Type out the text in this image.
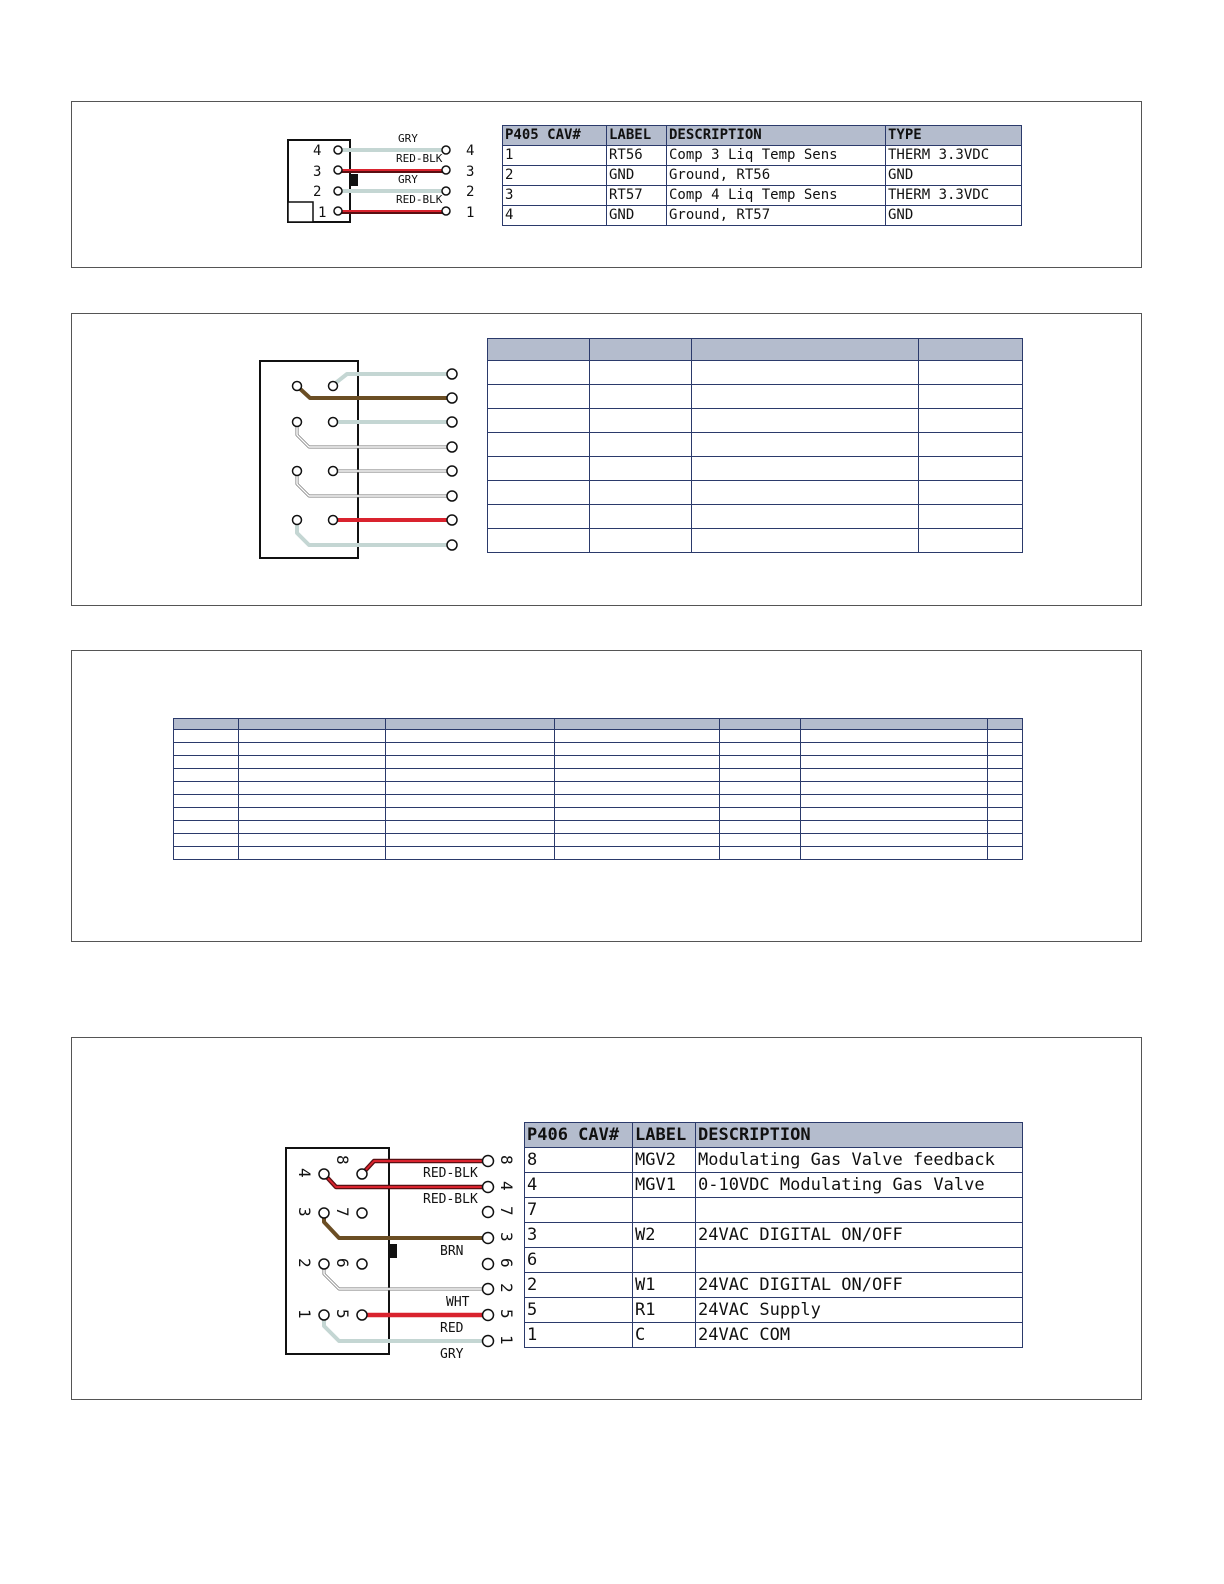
4
3
2
1
4
3
2
1
GRY
RED-BLK
GRY
RED-BLK
P405 CAV#	LABEL	DESCRIPTION	TYPE
1	RT56	Comp 3 Liq Temp Sens	THERM 3.3VDC
2	GND	Ground, RT56	GND
3	RT57	Comp 4 Liq Temp Sens	THERM 3.3VDC
4	GND	Ground, RT57	GND

4
3
2
1
8
7
6
5
8
4
7
3
6
2
5
1
RED-BLK
RED-BLK
BRN
WHT
RED
GRY
P406 CAV#	LABEL	DESCRIPTION
8	MGV2	Modulating Gas Valve feedback
4	MGV1	0-10VDC Modulating Gas Valve
7		
3	W2	24VAC DIGITAL ON/OFF
6		
2	W1	24VAC DIGITAL ON/OFF
5	R1	24VAC Supply
1	C	24VAC COM
